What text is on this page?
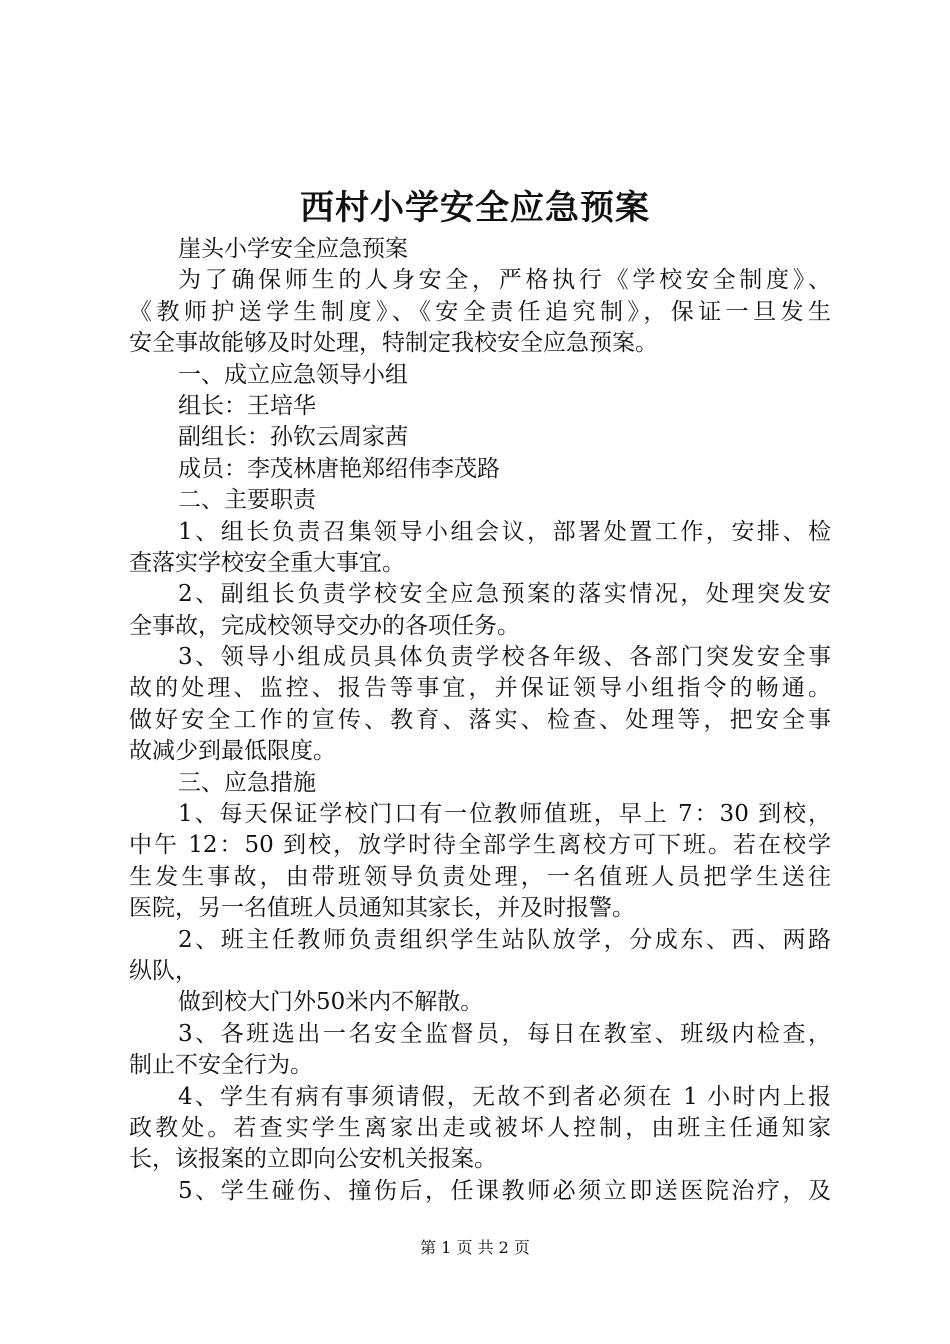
西村小学安全应急预案
崖头小学安全应急预案
为了确保师生的人身安全，严格执行《学校安全制度》、
《教师护送学生制度》、《安全责任追究制》，保证一旦发生
安全事故能够及时处理，特制定我校安全应急预案。
一、成立应急领导小组
组长：王培华
副组长：孙钦云周家茜
成员：李茂林唐艳郑绍伟李茂路
二、主要职责
1、组长负责召集领导小组会议，部署处置工作，安排、检
查落实学校安全重大事宜。
2、副组长负责学校安全应急预案的落实情况，处理突发安
全事故，完成校领导交办的各项任务。
3、领导小组成员具体负责学校各年级、各部门突发安全事
故的处理、监控、报告等事宜，并保证领导小组指令的畅通。
做好安全工作的宣传、教育、落实、检查、处理等，把安全事
故减少到最低限度。
三、应急措施
1、每天保证学校门口有一位教师值班，早上 7：30 到校，
中午 12：50 到校，放学时待全部学生离校方可下班。若在校学
生发生事故，由带班领导负责处理，一名值班人员把学生送往
医院，另一名值班人员通知其家长，并及时报警。
2、班主任教师负责组织学生站队放学，分成东、西、两路
纵队，
做到校大门外50米内不解散。
3、各班选出一名安全监督员，每日在教室、班级内检查，
制止不安全行为。
4、学生有病有事须请假，无故不到者必须在 1 小时内上报
政教处。若查实学生离家出走或被坏人控制，由班主任通知家
长，该报案的立即向公安机关报案。
5、学生碰伤、撞伤后，任课教师必须立即送医院治疗，及
第 1 页 共 2 页
